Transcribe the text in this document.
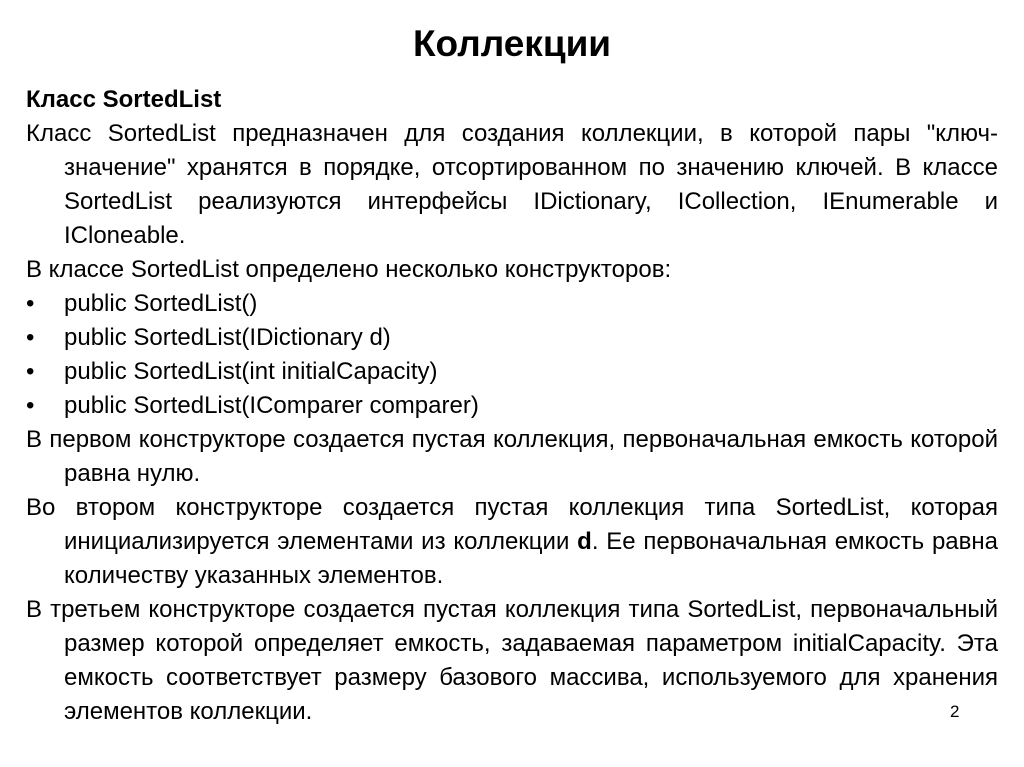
Коллекции

Класс SortedList

Класс SortedList предназначен для создания коллекции, в которой пары "ключ-значение" хранятся в порядке, отсортированном по значению ключей. В классе SortedList реализуются интерфейсы IDictionary, ICollection, IEnumerable и ICloneable.

В классе SortedList определено несколько конструкторов:

• public SortedList()

• public SortedList(IDictionary d)

• public SortedList(int initialCapacity)

• public SortedList(IComparer comparer)

В первом конструкторе создается пустая коллекция, первоначальная емкость которой равна нулю.

Во втором конструкторе создается пустая коллекция типа SortedList, которая инициализируется элементами из коллекции d. Ее первоначальная емкость равна количеству указанных элементов.

В третьем конструкторе создается пустая коллекция типа SortedList, первоначальный размер которой определяет емкость, задаваемая параметром initialCapacity. Эта емкость соответствует размеру базового массива, используемого для хранения элементов коллекции.	2
